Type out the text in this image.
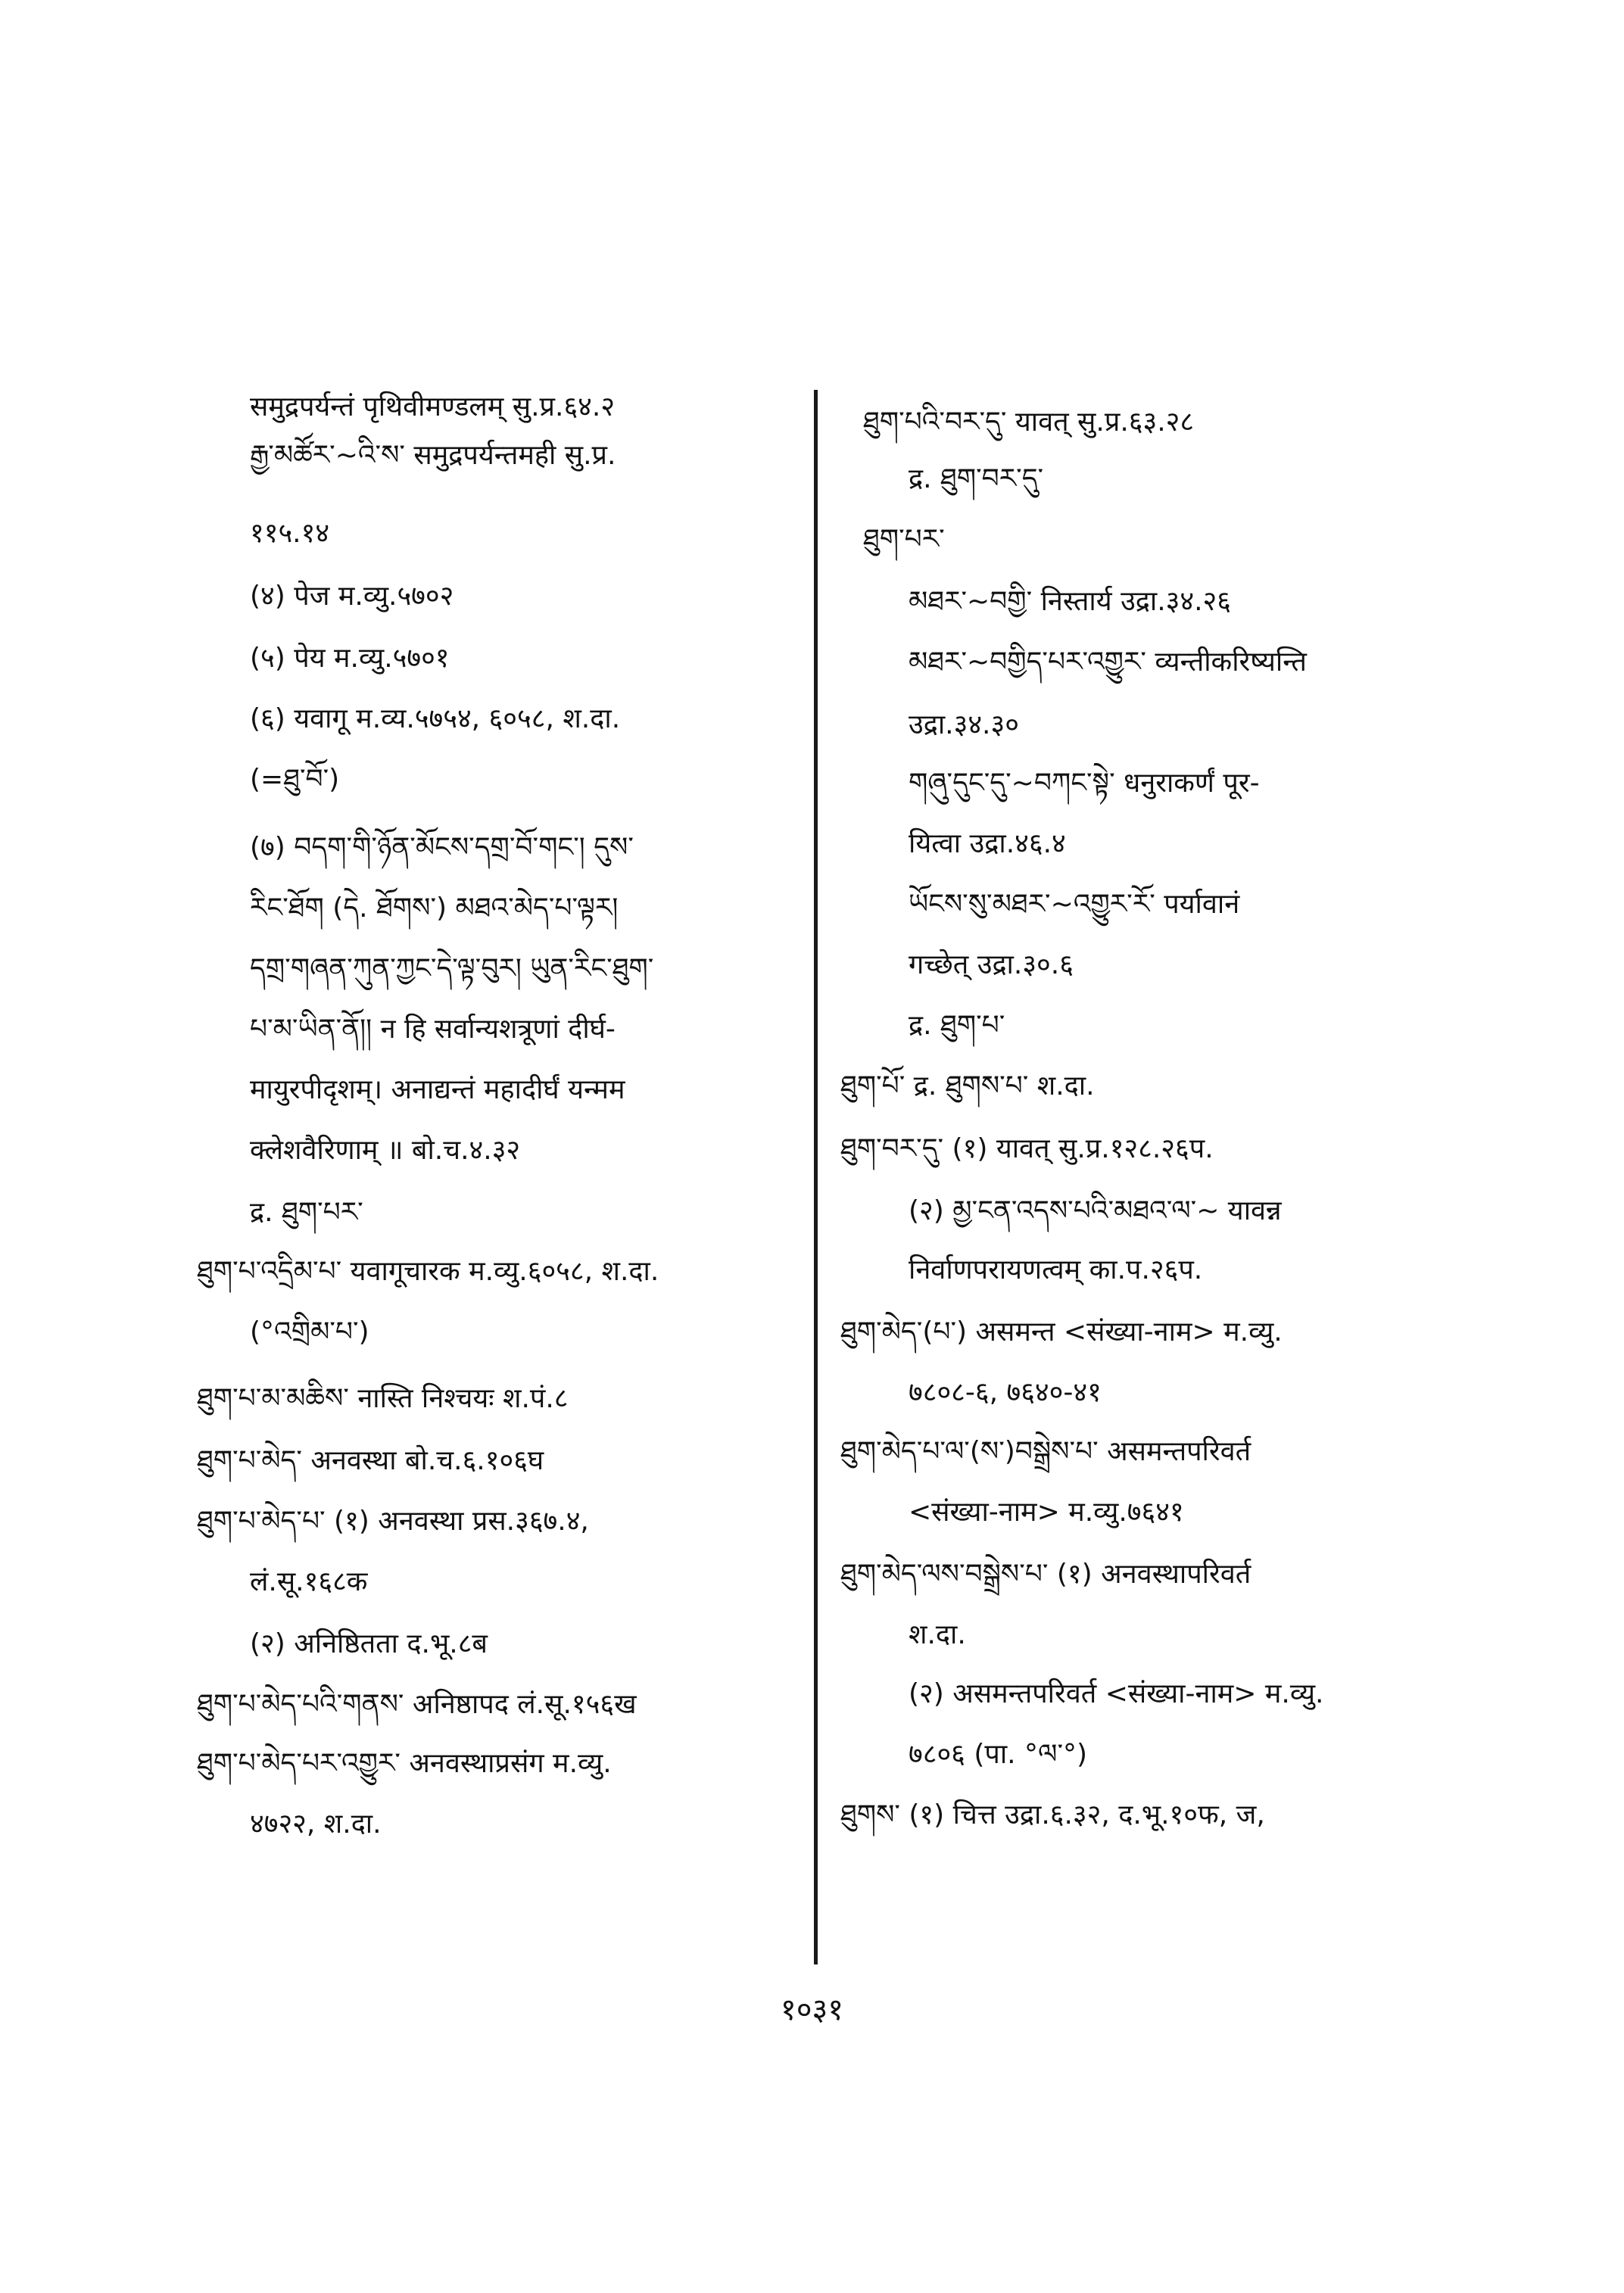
समुद्रपर्यन्तं पृथिवीमण्डलम् सु.प्र.६४.२
རྒྱ་མཚོར་~འི་ས་ समुद्रपर्यन्तमही सु.प्र.
११५.१४
(४) पेज म.व्यु.५७०२
(५) पेय म.व्यु.५७०१
(६) यवागू म.व्य.५७५४, ६०५८, श.दा.
(=ཐུ་བོ་)
(७) བདག་གི་ཉོན་མོངས་དགྲ་བོ་གང་། དུས་
རིང་ཐོག (དེ. ཐོགས་) མཐའ་མེད་པ་ལྟར།
དགྲ་གཞན་ཀུན་ཀྱང་དེ་ལྟ་བུར། ཡུན་རིང་ཐུག་
པ་མ་ཡིན་ནོ།། न हि सर्वान्यशत्रूणां दीर्घ-
मायुरपीदृशम्। अनाद्यन्तं महादीर्घं यन्मम
क्लेशवैरिणाम् ॥ बो.च.४.३२
द्र. ཐུག་པར་
ཐུག་པ་འདྲིམ་པ་ यवागूचारक म.व्यु.६०५८, श.दा.
(°འགྲིམ་པ་)
ཐུག་པ་མ་མཆིས་ नास्ति निश्चयः श.पं.८
ཐུག་པ་མེད་ अनवस्था बो.च.६.१०६घ
ཐུག་པ་མེད་པ་ (१) अनवस्था प्रस.३६७.४,
लं.सू.१६८क
(२) अनिष्ठितता द.भू.८ब
ཐུག་པ་མེད་པའི་གནས་ अनिष्ठापद लं.सू.१५६ख
ཐུག་པ་མེད་པར་འགྱུར་ अनवस्थाप्रसंग म.व्यु.
४७२२, श.दा.
ཐུག་པའི་བར་དུ་ यावत् सु.प्र.६३.२८
द्र. ཐུག་བར་དུ་
ཐུག་པར་
མཐར་~བགྱི་ निस्तार्य उद्रा.३४.२६
མཐར་~བགྱིད་པར་འགྱུར་ व्यन्तीकरिष्यन्ति
उद्रा.३४.३०
གཞུ་དུང་དུ་~བཀང་སྟེ་ धनुराकर्णं पूर-
यित्वा उद्रा.४६.४
ཡོངས་སུ་མཐར་~འགྱུར་རོ་ पर्यावानं
गच्छेत् उद्रा.३०.६
द्र. ཐུག་པ་
ཐུག་པོ་ द्र. ཐུགས་པ་ श.दा.
ཐུག་བར་དུ་ (१) यावत् सु.प्र.१२८.२६प.
(२) མྱ་ངན་འདས་པའི་མཐའ་ལ་~ यावन्न
निर्वाणपरायणत्वम् का.प.२६प.
ཐུག་མེད་(པ་) असमन्त <संख्या-नाम> म.व्यु.
७८०८-६, ७६४०-४१
ཐུག་མེད་པ་ལ་(ས་)བསྒྲེས་པ་ असमन्तपरिवर्त
<संख्या-नाम> म.व्यु.७६४१
ཐུག་མེད་ལས་བསྒྲེས་པ་ (१) अनवस्थापरिवर्त
श.दा.
(२) असमन्तपरिवर्त <संख्या-नाम> म.व्यु.
७८०६ (पा. °ལ་°)
ཐུགས་ (१) चित्त उद्रा.६.३२, द.भू.१०फ, ज,
१०३१
